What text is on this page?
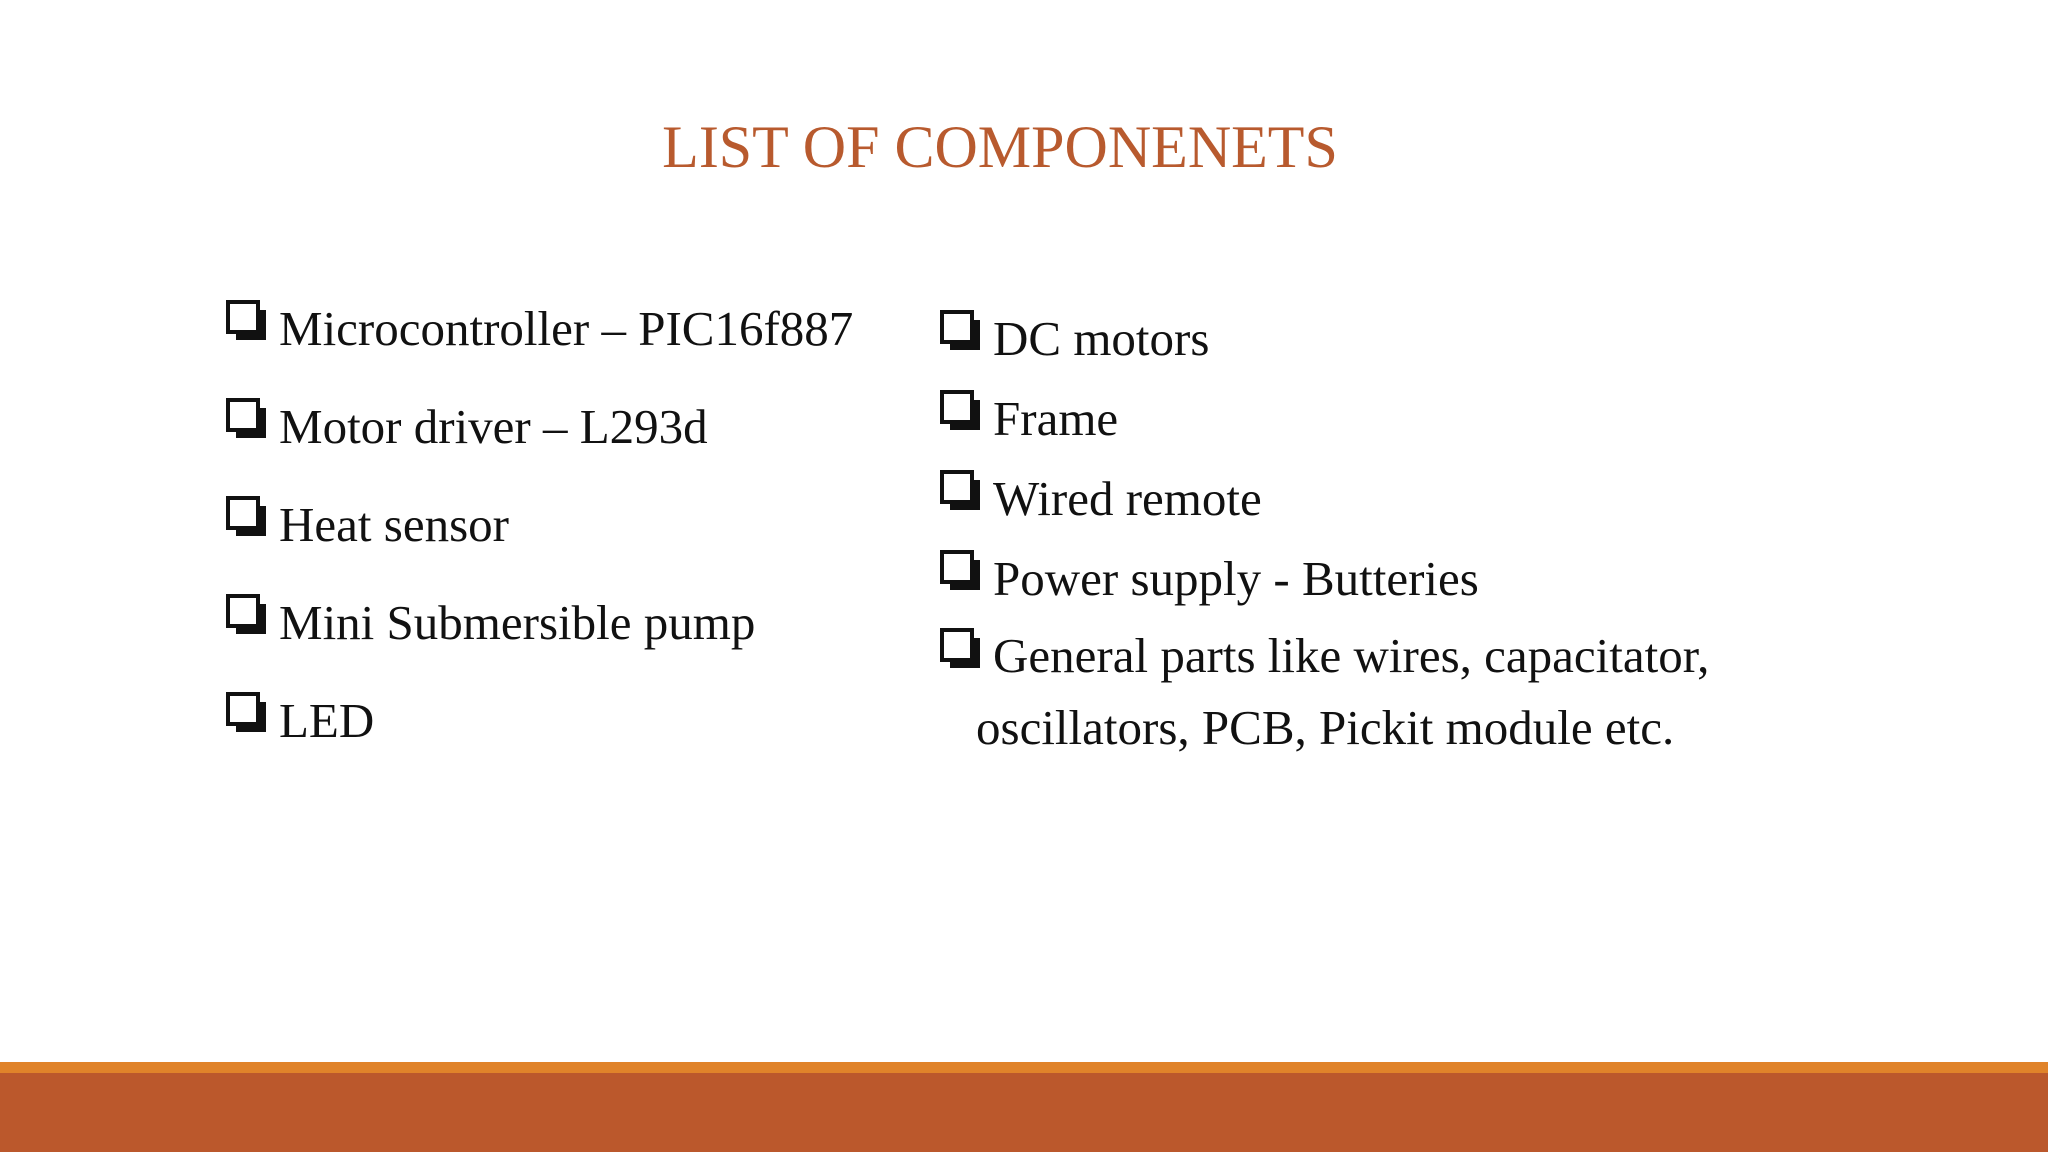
LIST OF COMPONENETS
Microcontroller – PIC16f887
Motor driver – L293d
Heat sensor
Mini Submersible pump
LED
DC motors
Frame
Wired remote
Power supply - Butteries
General parts like wires, capacitator,
oscillators, PCB, Pickit module etc.
